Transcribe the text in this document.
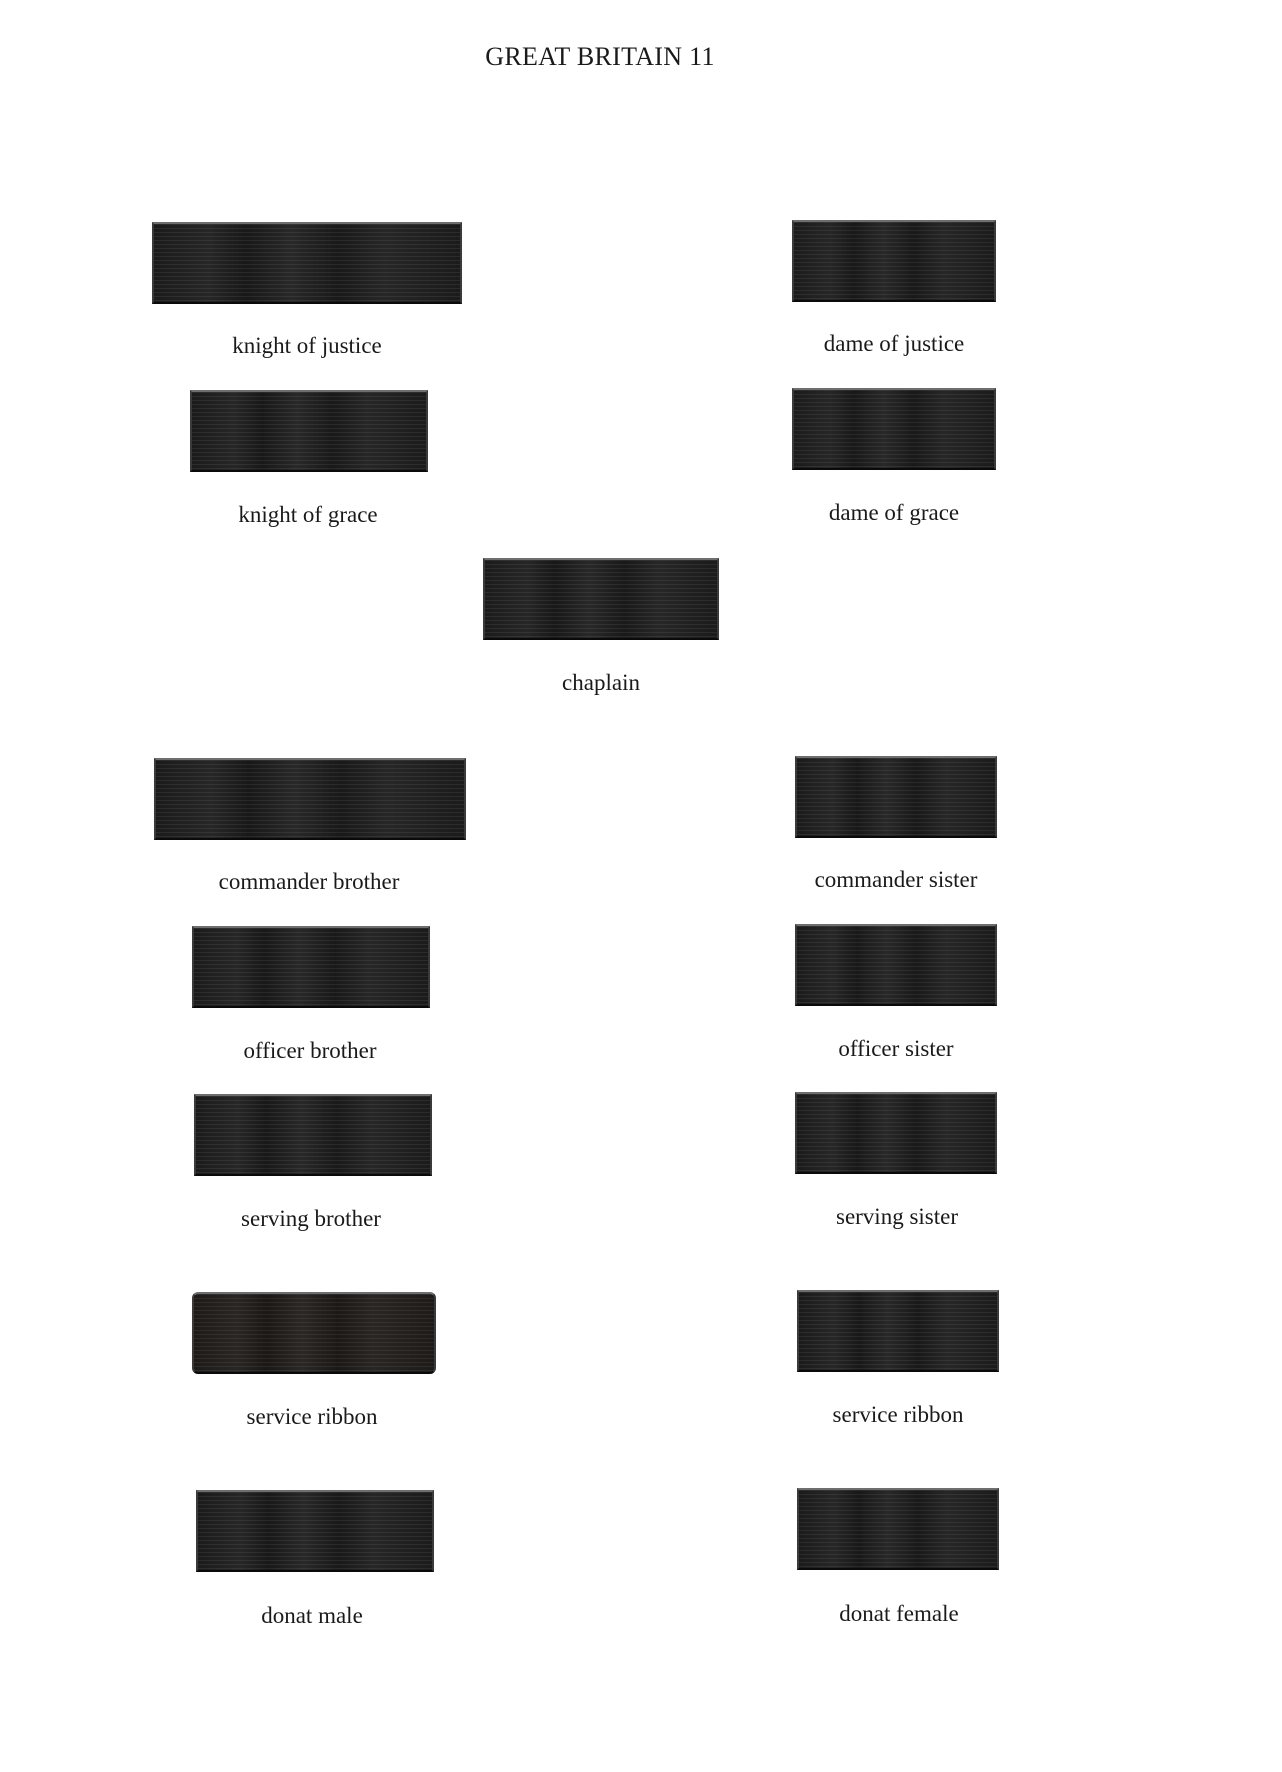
GREAT BRITAIN 11
knight of justice	dame of justice
knight of grace	dame of grace
chaplain
commander brother	commander sister
officer brother	officer sister
serving brother	serving sister
service ribbon	service ribbon
donat male	donat female
